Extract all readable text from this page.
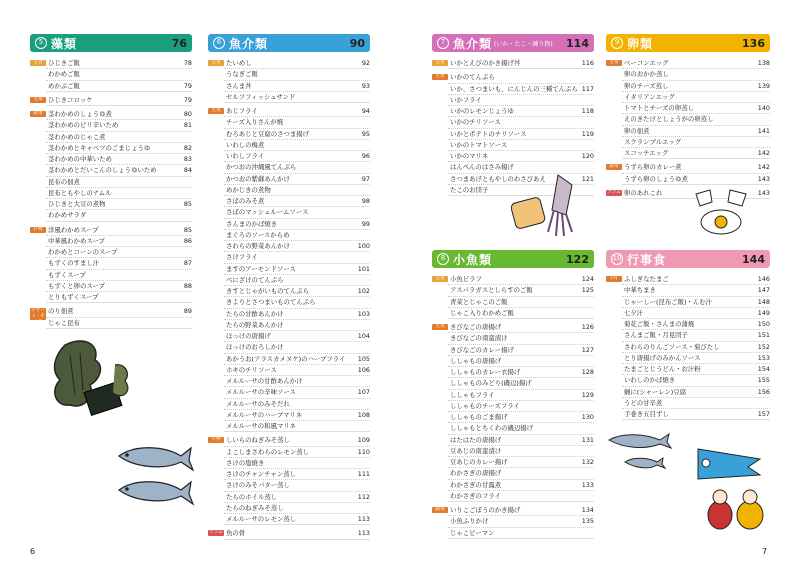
5 藻類	76
主食 ひじきご飯	78
わかめご飯
めかぶご飯	79
主菜 ひじきコロッケ	79
副菜 茎わかめのしょうゆ煮	80
茎わかめのピリ辛いため	81
茎わかめのじゃこ煮
茎わかめとキャベツのごまじょうゆ	82
茎わかめの中華いため	83
茎わかめとだいこんのしょうゆいため	84
昆布の佃煮
昆布ともやしのナムル
ひじきと大豆の煮物	85
わかめサラダ
汁物 洋風わかめスープ	85
中華風わかめスープ	86
わかめとコーンのスープ
もずくのすまし汁	87
もずくスープ
もずくと卵のスープ	88
とりもずくスープ
デザート・その他
のり佃煮	89
じゃこ昆布
6 魚介類	90
主食 たいめし	92
うなぎご飯
さんま丼	93
セルフフィッシュサンド
主菜 あじフライ	94
チーズ入りさんが焼
むろあじと豆腐のさつま揚げ	95
いわしの梅煮
いわしフライ	96
かつおの沖縄風てんぷら
かつおの紫蘇あんかけ	97
めかじきの煮物
さばのみそ煮	98
さばのマッシュルームソース
さんまのかば焼き	99
まぐろのソースからめ
さわらの野菜あんかけ	100
さけフライ
ますのアーモンドソース	101
べにざけのてんぷら
きすとじゃがいものてんぷら	102
きよりとさつまいものてんぷら
たらの甘酢あんかけ	103
たらの野菜あんかけ
ほっけの唐揚げ	104
ほっけのおろしかけ
あかうお(アラスカメヌケ)のハーブフライ 105
ホキのチリソース	106
メルルーサの甘酢あんかけ
メルルーサの辛味ソース	107
メルルーサのみそだれ
メルルーサのハーブマリネ	108
メルルーサの和風マリネ
汁物 しいらのねぎみそ蒸し	109
よこしまさわらのレモン蒸し	110
さけの塩焼き
さけのチャンチャン蒸し	111
さけのみそバター蒸し
たらのホイル蒸し	112
たらのねぎみそ蒸し
メルルーサのレモン蒸し	113
コラム 魚の骨	113
7 魚介類 (いか・たこ・練り物) 114
主食 いかとえびのかき揚げ丼	116
主菜 いかのてんぷら
いか、さつまいも、にんじんの三種てんぷら 117
いかフライ
いかのレモンじょうゆ	118
いかのチリソース
いかとポテトのチリソース	119
いかのトマトソース
いかのマリネ	120
はんぺんのはさみ揚げ
さつまあげともやしのわさびあえ	121
たこのお団子
8 小魚類	122
主食 小魚ピラフ	124
アスパラガスとしらすのご飯	125
青菜とじゃこのご飯
じゃこ入りわかめご飯
主菜 きびなごの唐揚げ	126
きびなごの南蛮漬け
きびなごのカレー揚げ	127
ししゃもの唐揚げ
ししゃものカレー衣揚げ	128
ししゃものみどり(磯辺)揚げ
ししゃもフライ	129
ししゃものチーズフライ
ししゃものごま揚げ	130
ししゃもとちくわの磯辺揚げ
はたはたの唐揚げ	131
豆あじの南蛮漬け
豆あじのカレー揚げ	132
わかさぎの唐揚げ
わかさぎの甘露煮	133
わかさぎのフライ
副菜 いりこごぼうのかき揚げ	134
小魚ふりかけ	135
じゃこピーマン
9 卵類	136
主菜 ベーコンエッグ	138
卵のおかか蒸し
卵のチーズ蒸し	139
イタリアンエッグ
トマトとチーズの卵蒸し	140
えのきたけとしょうがの卵蒸し
卵の佃煮	141
スクランブルエッグ
スコッチエッグ	142
副菜 うずら卵のカレー煮	142
うずら卵のしょうゆ煮	143
コラム 卵のあれこれ	143
10 行事食	144
1月 ふしぎなたまご	146
中華ちまき	147
じゃーしー(昆布ご飯)・んむ汁	148
七夕汁	149
菊花ご飯・さんまの蒲焼	150
さんまご飯・月見団子	151
さわらのりんごソース・菊びたし	152
とり唐揚げのみかんソース	153
たまごとじうどん・お汁粉	154
いわしのかば焼き	155
蝋に(シャーレン)豆腐	156
うどの甘辛煮
手巻き五目ずし	157
6	7
